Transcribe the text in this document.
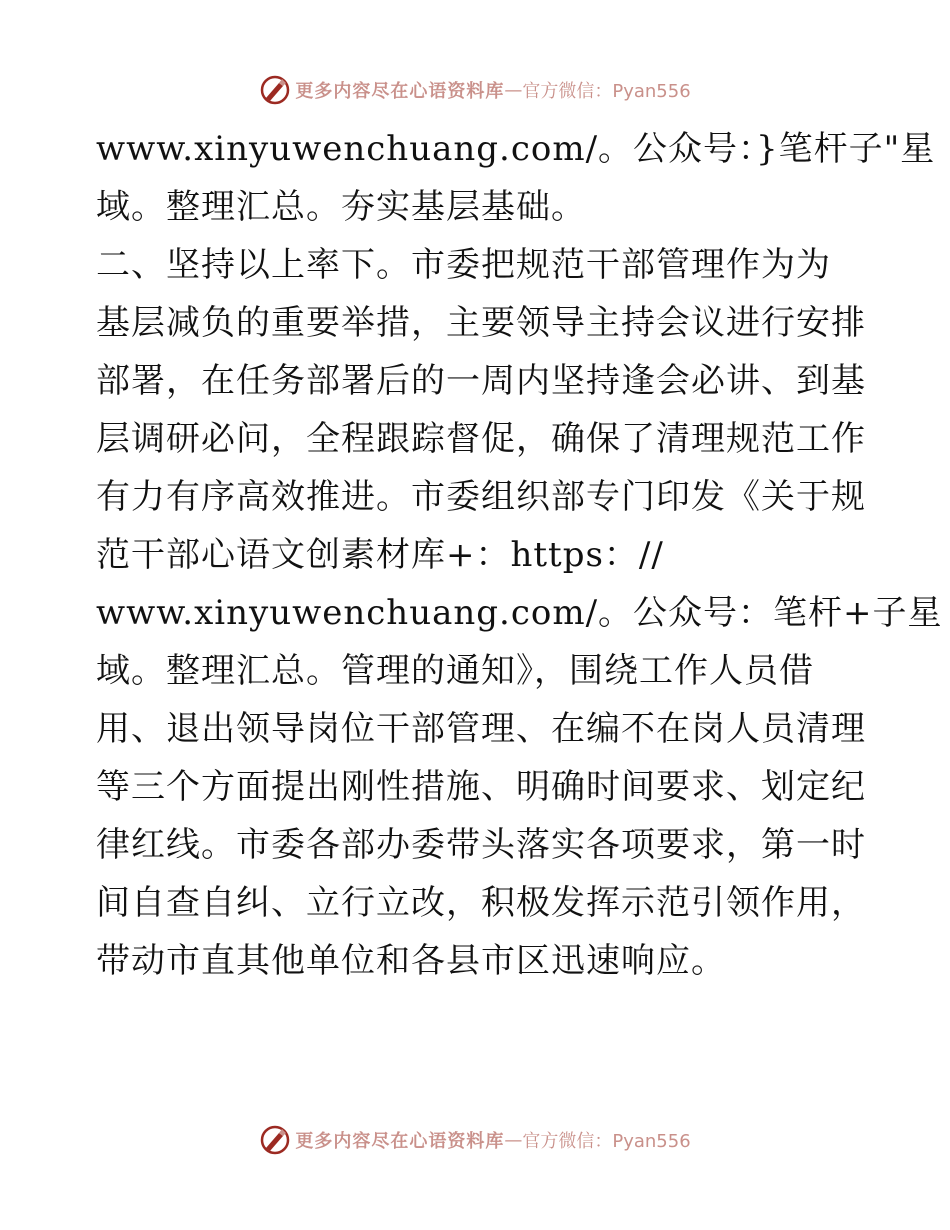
更多内容尽在心语资料库 — 官方微信：Pyan556
www.xinyuwenchuang.com/。公众号：}笔杆子"星
域。整理汇总。夯实基层基础。
二、坚持以上率下。市委把规范干部管理作为为
基层减负的重要举措，主要领导主持会议进行安排
部署，在任务部署后的一周内坚持逢会必讲、到基
层调研必问，全程跟踪督促，确保了清理规范工作
有力有序高效推进。市委组织部专门印发《关于规
范干部心语文创素材库+：https：//
www.xinyuwenchuang.com/。公众号：笔杆+子星
域。整理汇总。管理的通知》，围绕工作人员借
用、退出领导岗位干部管理、在编不在岗人员清理
等三个方面提出刚性措施、明确时间要求、划定纪
律红线。市委各部办委带头落实各项要求，第一时
间自查自纠、立行立改，积极发挥示范引领作用，
带动市直其他单位和各县市区迅速响应。
更多内容尽在心语资料库 — 官方微信：Pyan556
